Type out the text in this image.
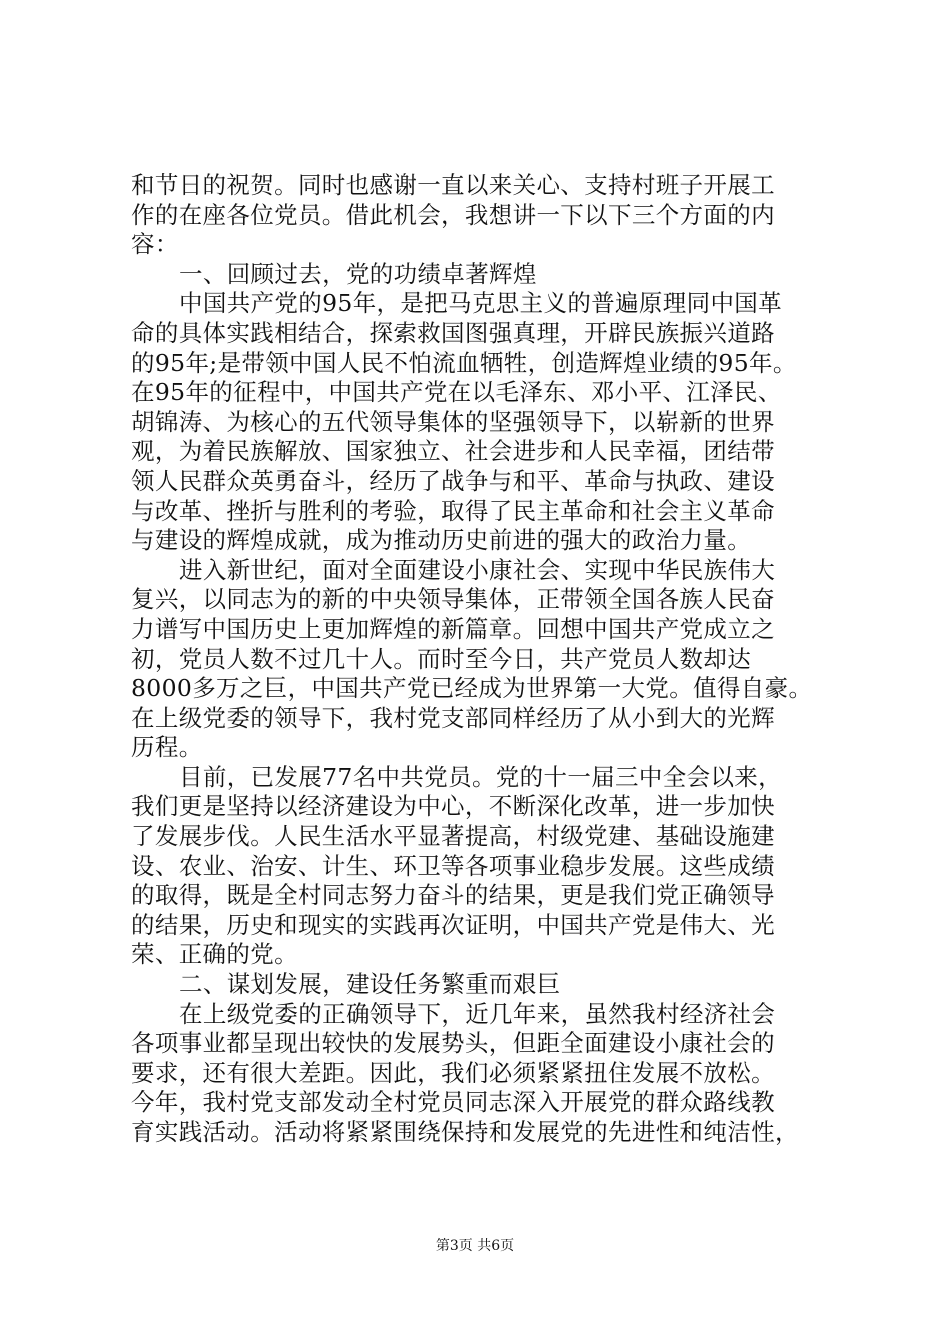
和节日的祝贺。同时也感谢一直以来关心、支持村班子开展工
作的在座各位党员。借此机会，我想讲一下以下三个方面的内
容：
一、回顾过去，党的功绩卓著辉煌
中国共产党的95年，是把马克思主义的普遍原理同中国革
命的具体实践相结合，探索救国图强真理，开辟民族振兴道路
的95年;是带领中国人民不怕流血牺牲，创造辉煌业绩的95年。
在95年的征程中，中国共产党在以毛泽东、邓小平、江泽民、
胡锦涛、为核心的五代领导集体的坚强领导下，以崭新的世界
观，为着民族解放、国家独立、社会进步和人民幸福，团结带
领人民群众英勇奋斗，经历了战争与和平、革命与执政、建设
与改革、挫折与胜利的考验，取得了民主革命和社会主义革命
与建设的辉煌成就，成为推动历史前进的强大的政治力量。
进入新世纪，面对全面建设小康社会、实现中华民族伟大
复兴，以同志为的新的中央领导集体，正带领全国各族人民奋
力谱写中国历史上更加辉煌的新篇章。回想中国共产党成立之
初，党员人数不过几十人。而时至今日，共产党员人数却达
8000多万之巨，中国共产党已经成为世界第一大党。值得自豪。
在上级党委的领导下，我村党支部同样经历了从小到大的光辉
历程。
目前，已发展77名中共党员。党的十一届三中全会以来，
我们更是坚持以经济建设为中心，不断深化改革，进一步加快
了发展步伐。人民生活水平显著提高，村级党建、基础设施建
设、农业、治安、计生、环卫等各项事业稳步发展。这些成绩
的取得，既是全村同志努力奋斗的结果，更是我们党正确领导
的结果，历史和现实的实践再次证明，中国共产党是伟大、光
荣、正确的党。
二、谋划发展，建设任务繁重而艰巨
在上级党委的正确领导下，近几年来，虽然我村经济社会
各项事业都呈现出较快的发展势头，但距全面建设小康社会的
要求，还有很大差距。因此，我们必须紧紧扭住发展不放松。
今年，我村党支部发动全村党员同志深入开展党的群众路线教
育实践活动。活动将紧紧围绕保持和发展党的先进性和纯洁性，
第3页 共6页
